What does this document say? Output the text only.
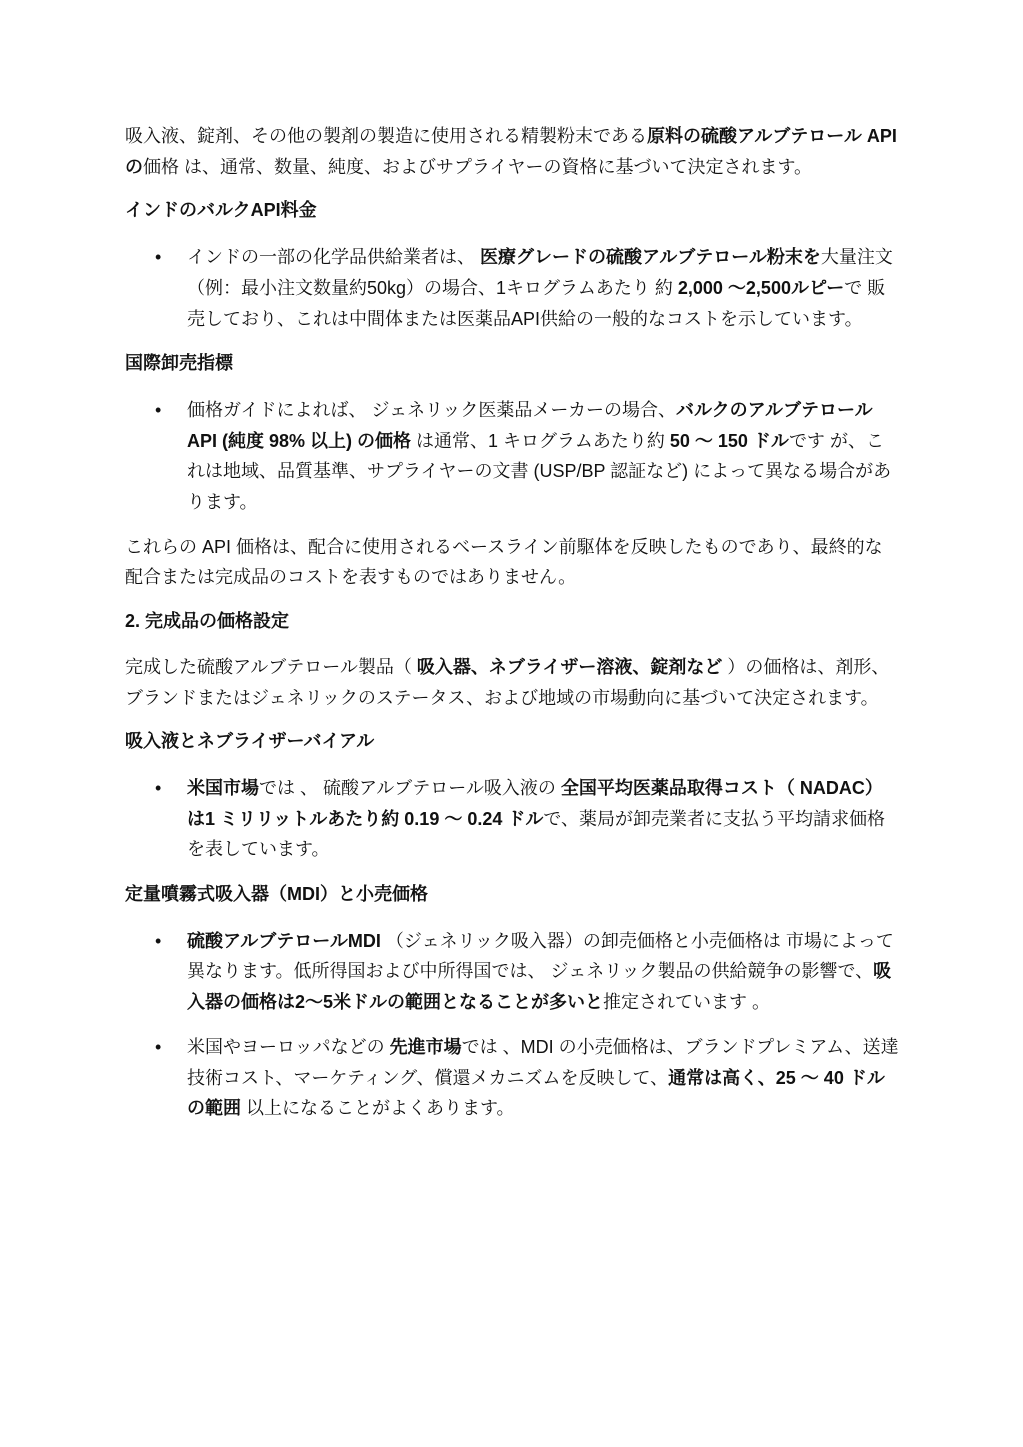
吸入液、錠剤、その他の製剤の製造に使用される精製粉末である原料の硫酸アルブテロール API の価格 は、通常、数量、純度、およびサプライヤーの資格に基づいて決定されます。
インドのバルクAPI料金
• インドの一部の化学品供給業者は、 医療グレードの硫酸アルブテロール粉末を大量注文（例：最小注文数量約50kg）の場合、1キログラムあたり 約 2,000 ～2,500ルピーで 販売しており、これは中間体または医薬品API供給の一般的なコストを示しています。
国際卸売指標
• 価格ガイドによれば、 ジェネリック医薬品メーカーの場合、バルクのアルブテロール API (純度 98% 以上) の価格 は通常、1 キログラムあたり約 50 ～ 150 ドルです が、これは地域、品質基準、サプライヤーの文書 (USP/BP 認証など) によって異なる場合があります。
これらの API 価格は、配合に使用されるベースライン前駆体を反映したものであり、最終的な配合または完成品のコストを表すものではありません。
2. 完成品の価格設定
完成した硫酸アルブテロール製品（ 吸入器、ネブライザー溶液、錠剤など ）の価格は、剤形、ブランドまたはジェネリックのステータス、および地域の市場動向に基づいて決定されます。
吸入液とネブライザーバイアル
• 米国市場では 、 硫酸アルブテロール吸入液の 全国平均医薬品取得コスト（ NADAC）は1 ミリリットルあたり約 0.19 ～ 0.24 ドルで、薬局が卸売業者に支払う平均請求価格を表しています。
定量噴霧式吸入器（MDI）と小売価格
• 硫酸アルブテロールMDI （ジェネリック吸入器）の卸売価格と小売価格は 市場によって異なります。低所得国および中所得国では、 ジェネリック製品の供給競争の影響で、吸入器の価格は2～5米ドルの範囲となることが多いと推定されています 。
• 米国やヨーロッパなどの 先進市場では 、MDI の小売価格は、ブランドプレミアム、送達技術コスト、マーケティング、償還メカニズムを反映して、通常は高く、25 ～ 40 ドルの範囲 以上になることがよくあります。
